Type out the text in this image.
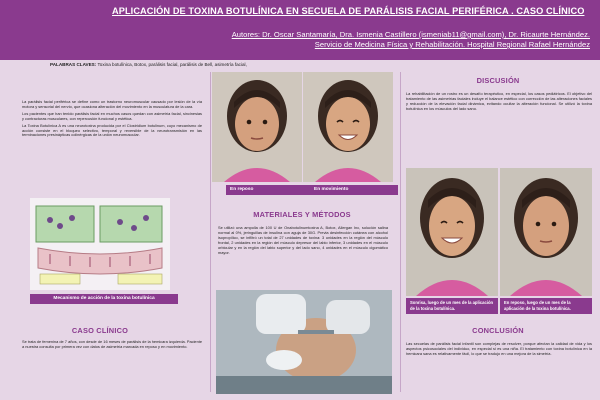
APLICACIÓN DE TOXINA BOTULÍNICA EN SECUELA DE PARÁLISIS FACIAL PERIFÉRICA . CASO CLÍNICO
Autores: Dr. Oscar Santamaría, Dra. Ismenia Castillero (ismeniab11@gmail.com), Dr. Ricaurte Hernández.
Servicio de Medicina Física y Rehabilitación. Hospital Regional Rafael Hernández
PALABRAS CLAVES: Toxina botulínica, Botox, parálisis facial, parálisis de Bell, asimetría facial,

La parálisis facial periférica se define como un trastorno neuromuscular causado por lesión de la vía motora y sensorial del nervio, que ocasiona alteración del movimiento en la musculatura de la cara.

Los pacientes que han tenido parálisis facial en muchos casos quedan con asimetría facial, sincinesias y contracturas musculares, con repercusión funcional y estética.

La Toxina Botulínica A es una neurotoxina producida por el Clostridium botulinum, cuyo mecanismo de acción consiste en el bloqueo selectivo, temporal y reversible de la neurotransmisión en las terminaciones presinápticas colinérgicas de la unión neuromuscular.

Mecanismo de acción de la toxina botulínica
CASO CLÍNICO

Se trata de femenina de 7 años, con desde de 16 meses de parálisis de la hemicara izquierda. Paciente a nuestra consulta por primera vez con datos de asimetría marcada en reposo y en movimiento.

En reposo	En movimiento
MATERIALES Y MÉTODOS

Se utilizó una ampolla de 100 U de Onabotulinumtoxina A, Botox, Allergan Inc, solución salina normal al 0%, jeringuillas de insulina con aguja de 30G. Previa desinfección cutánea con alcohol isopropílico, se infiltró un total de 27 unidades de toxina: 3 unidades en la región del músculo frontal, 2 unidades en la región del músculo depresor del labio inferior, 3 unidades en el músculo orbicular y en la región del labio superior y del lado sano, 4 unidades en el músculo cigomático mayor.

DISCUSIÓN

La rehabilitación de un rostro es un desafío terapéutico, en especial, los casos pediátricos. El objetivo del tratamiento de las asimetrías faciales incluye el balance estético con corrección de las alteraciones faciales y reducción de la elevación facial dinámica, evitando ocultar la alteración funcional. Se utilizó la toxina botulínica en los músculos del lado sano.

Sonrisa, luego de un mes de la aplicación de la toxina botulínica.
En reposo, luego de un mes de la aplicación de la toxina botulínica.
CONCLUSIÓN

Las secuelas de parálisis facial infantil son complejas de resolver, porque afectan la calidad de vida y los aspectos psicosociales del individuo, en especial si es una niña. El tratamiento con toxina botulínica en la hemicara sana es relativamente fácil, lo que se tradujo en una mejora de la simetría.
